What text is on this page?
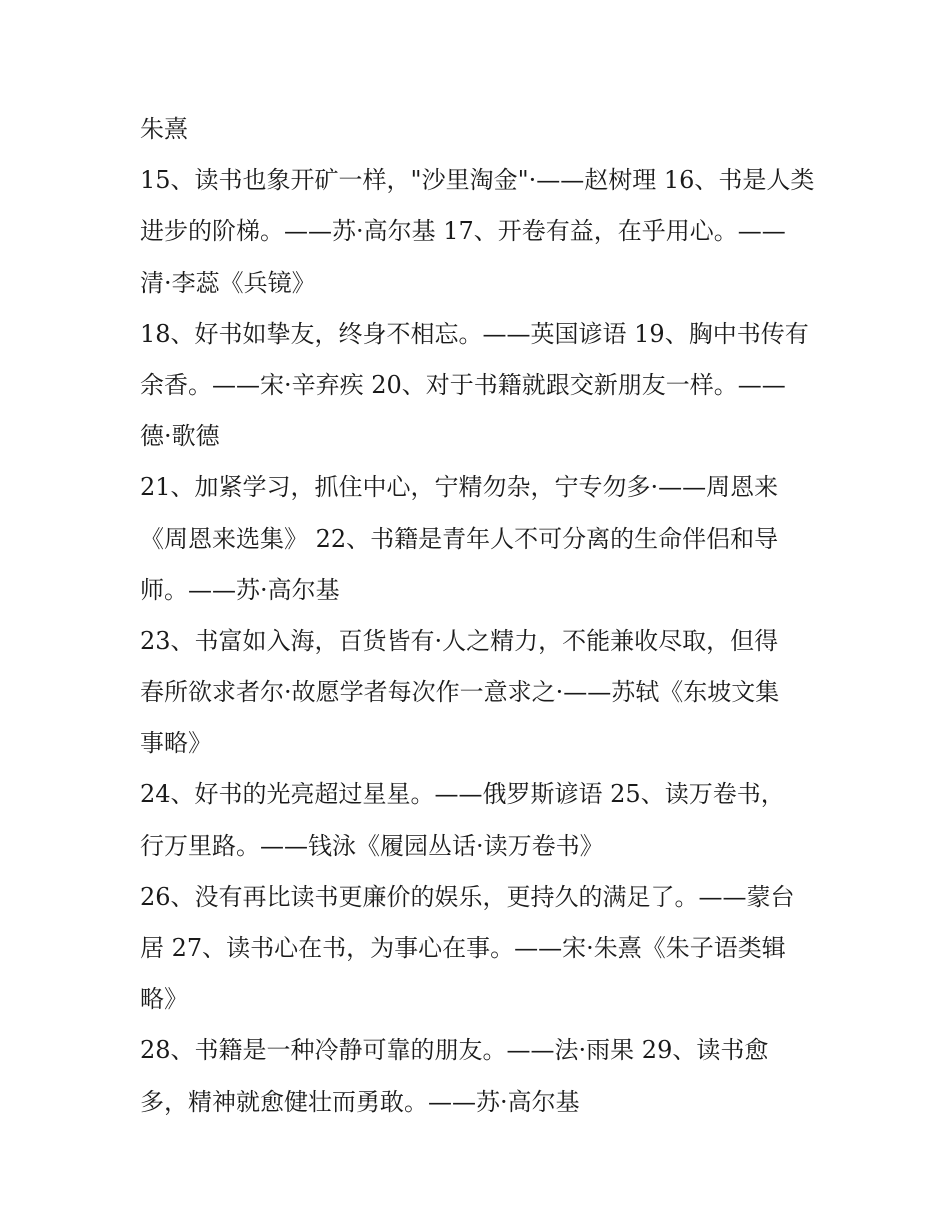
朱熹
15、读书也象开矿一样，"沙里淘金"·——赵树理 16、书是人类
进步的阶梯。——苏·高尔基 17、开卷有益，在乎用心。——
清·李蕊《兵镜》
18、好书如挚友，终身不相忘。——英国谚语 19、胸中书传有
余香。——宋·辛弃疾 20、对于书籍就跟交新朋友一样。——
德·歌德
21、加紧学习，抓住中心，宁精勿杂，宁专勿多·——周恩来
《周恩来选集》 22、书籍是青年人不可分离的生命伴侣和导
师。——苏·高尔基
23、书富如入海，百货皆有·人之精力，不能兼收尽取，但得
春所欲求者尔·故愿学者每次作一意求之·——苏轼《东坡文集
事略》
24、好书的光亮超过星星。——俄罗斯谚语 25、读万卷书，
行万里路。——钱泳《履园丛话·读万卷书》
26、没有再比读书更廉价的娱乐，更持久的满足了。——蒙台
居 27、读书心在书，为事心在事。——宋·朱熹《朱子语类辑
略》
28、书籍是一种冷静可靠的朋友。——法·雨果 29、读书愈
多，精神就愈健壮而勇敢。——苏·高尔基
